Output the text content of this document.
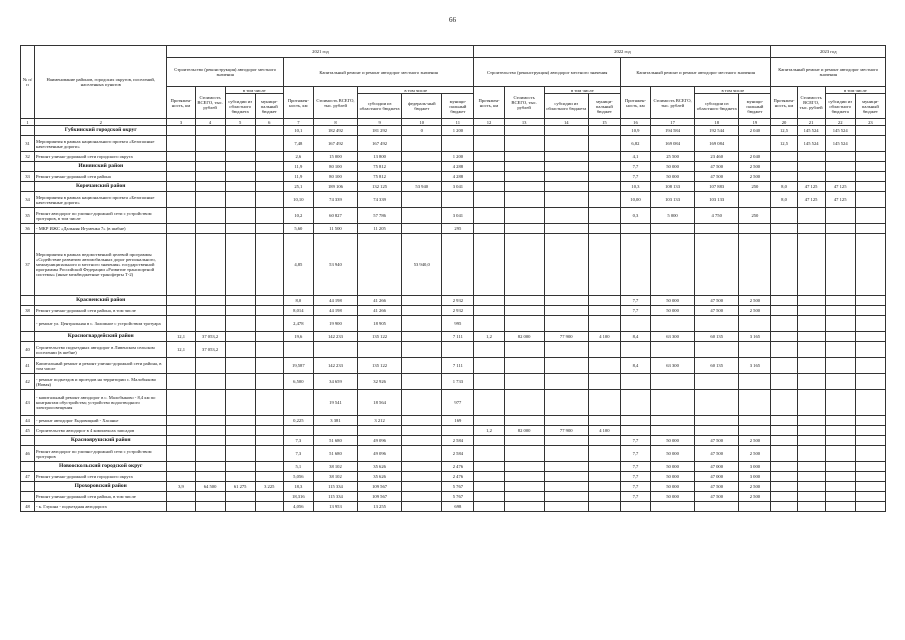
66
№ п/п	Наименование районов, городских округов, поселений, населенных пунктов	2021 год									2022 год								2023 год			
		Строительство (реконструкция) автодорог местного значения				Капитальный ремонт и ремонт автодорог местного значения					Строительство (реконструкция) автодорог местного значения				Капитальный ремонт и ремонт автодорог местного значения				Капитальный ремонт и ремонт автодорог местного значения			
		Протяжен-ность, км	Стоимость ВСЕГО, тыс. рублей	в том числе		Протяжен-ность, км	Стоимость ВСЕГО, тыс. рублей	в том числе			Протяжен-ность, км	Стоимость ВСЕГО, тыс. рублей	в том числе		Протяжен-ность, км	Стоимость ВСЕГО, тыс. рублей	в том числе		Протяжен-ность, км	Стоимость ВСЕГО, тыс. рублей	в том числе	
				субсидии из областного бюджета	муници-пальный бюджет			субсидии из областного бюджета	федераль-ный бюджет	муници-пальный бюджет			субсидии из областного бюджета	муници-пальный бюджет			субсидии из областного бюджета	муници-пальный бюджет			субсидии из областного бюджета	муници-пальный бюджет
1	2	3	4	5	6	7	8	9	10	11	12	13	14	15	16	17	18	19	20	21	22	23
	Губкинский городской округ					10,1	182 492	181 292	0	1 200					10,9	194 584	192 544	2 040	12,5	145 524	145 524	
31	Мероприятия в рамках национального проекта «Безопасные качественные дороги»					7,48	167 492	167 492							6,82	169 084	169 084		12,5	145 524	145 524	
32	Ремонт улично-дорожной сети городского округа					2,6	15 000	13 800		1 200					4,1	25 500	23 460	2 040				
	Ивнянский район					11,9	80 100	75 812		4 288					7,7	50 000	47 500	2 500				
33	Ремонт улично-дорожной сети района					11,9	80 100	75 812		4 288					7,7	50 000	47 500	2 500				
	Корочанский район					25,1	189 106	132 125	53 940	3 041					10,3	108 133	107 883	250	8,0	47 125	47 125	
34	Мероприятия в рамках национального проекта «Безопасные качественные дороги»					10,10	74 339	74 339							10,00	103 133	103 133		8,0	47 125	47 125	
35	Ремонт автодорог по улично-дорожной сети с устройством тротуаров, в том числе					10,2	60 827	57 786		3 041					0,3	5 000	4 750	250				
36	- МКР ИЖС «Дальняя Игуменка 7» (в шабне)					5,60	11 500	11 205		295												
37	Мероприятия в рамках ведомственной целевой программы «Содействие развитию автомобильных дорог регионального, межмуниципального и местного значения» государственной программы Российской Федерации «Развитие транспортной системы» (иные межбюджетные трансферты Т-2)					4,85	53 940		53 940,0													
	Красненский район					8,0	44 198	41 266		2 932					7,7	50 000	47 500	2 500				
38	Ремонт улично-дорожной сети района, в том числе					8,014	44 198	41 266		2 932					7,7	50 000	47 500	2 500				
	- ремонт ул. Центральная в с. Заломное с устройством тротуара					2,478	19 900	18 905		995												
	Красногвардейский район	12,1	37 053,2			19,6	142 233	135 122		7 111	1,2	82 000	77 900	4 100	8,4	63 300	60 135	3 165				
40	Строительство подъездных автодорог в Ливенском сельском поселении (в шебне)	12,1	37 053,2																			
41	Капитальный ремонт и ремонт улично-дорожной сети района, в том числе					19,587	142 233	135 122		7 111					8,4	63 300	60 135	3 165				
42	- ремонт подъездов и проездов на территории с. Малобыково (Новая)					6,500	34 659	32 926		1 733												
43	- капитальный ремонт автодорог в с. Малобыково - 8,4 км по контрактам обустройства; устройство водоотводного электроосвещения						19 541	18 564		977												
44	- ремонт автодорог Ендовицкий - Хасанье					0,225	3 381	3 212		169												
45	Строительство автодорог в 4 комплексах запсадов										1,2	82 000	77 900	4 100								
	Красноярушский район					7,3	51 680	49 096		2 584					7,7	50 000	47 500	2 500				
46	Ремонт автодорог по улично-дорожной сети с устройством тротуаров					7,3	51 680	49 096		2 584					7,7	50 000	47 500	2 500				
	Новооскольский городской округ					5,1	38 102	35 626		2 476					7,7	50 000	47 000	3 000				
47	Ремонт улично-дорожной сети городского округа					5,056	38 102	35 626		2 476					7,7	50 000	47 000	3 000				
	Прохоровский район	3,9	64 500	61 275	3 225	18,3	115 334	109 567		5 767					7,7	50 000	47 500	2 500				
	Ремонт улично-дорожной сети района, в том числе					18,316	115 334	109 567		5 767					7,7	50 000	47 500	2 500				
48	- к. Глушна - подъездная автодорога					4,056	13 953	13 255		698												
